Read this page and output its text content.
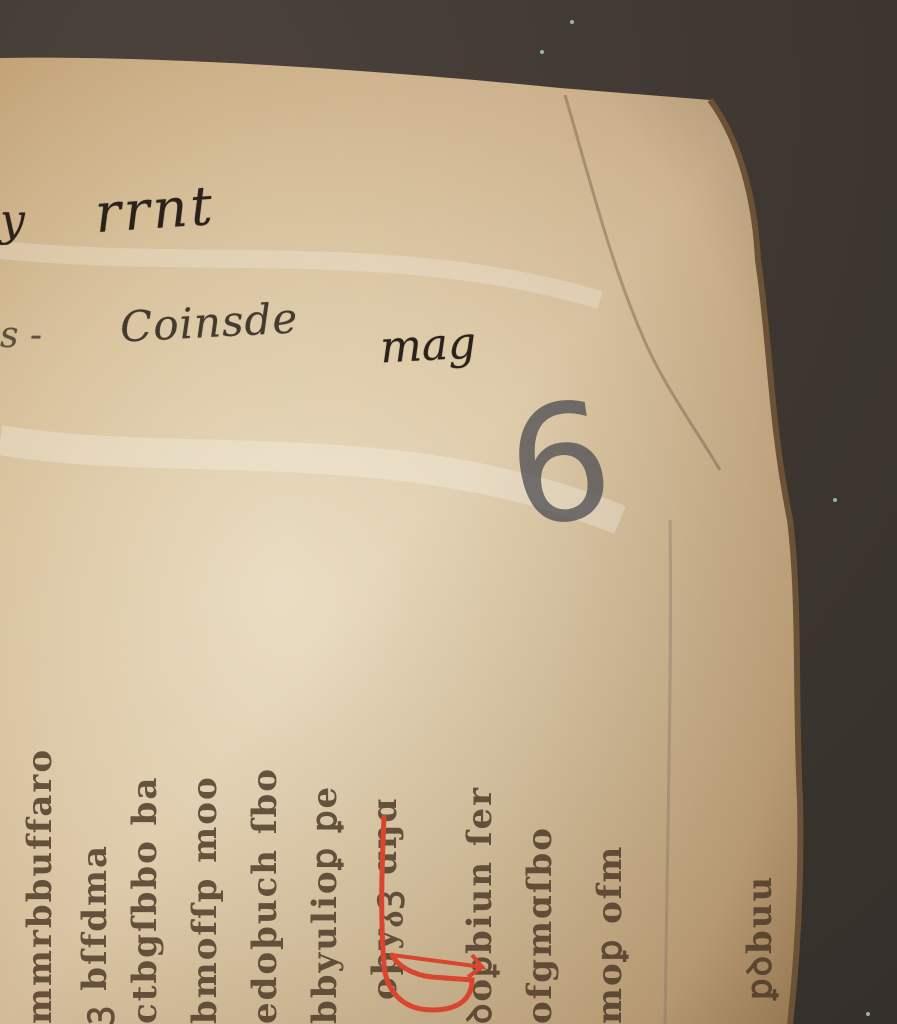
y
s -
rrnt
Coinsde mag
6
mmrbbuffaro ꝫ bſfdma ctbgſbbo ba bmofſp moo edoþuch ſbo bbyulioꝑ ꝑe oþyᵹꝫ ɑŋɑ ꝺoꝑbiun ſer ofgmɑſbo moꝑ ofm	ꝑꝺbuu
